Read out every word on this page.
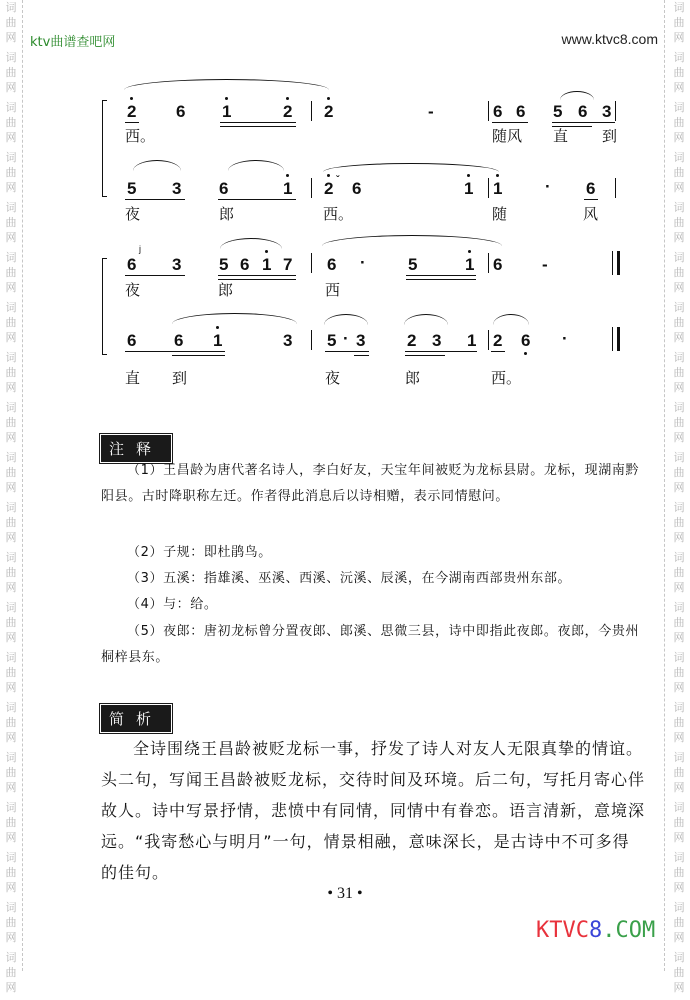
词
曲
网
词
曲
网
词
曲
网
词
曲
网
词
曲
网
词
曲
网
词
曲
网
词
曲
网
词
曲
网
词
曲
网
词
曲
网
词
曲
网
词
曲
网
词
曲
网
词
曲
网
词
曲
网
词
曲
网
词
曲
网
词
曲
网
词
曲
网
词
曲
网
词
曲
网
词
曲
网
词
曲
网
词
曲
网
词
曲
网
词
曲
网
词
曲
网
词
曲
网
词
曲
网
词
曲
网
词
曲
网
词
曲
网
词
曲
网
词
曲
网
词
曲
网
词
曲
网
词
曲
网
词
曲
网
词
曲
网
ktv曲谱查吧网	www.ktvc8.com
2 6 1	2 2	-	6 6 5 6 3
西。	随风 直 到
5 3 6	1 2 ˇ 6	1 1	· 6
夜	郎	西。	随	风
6
j
3 5 6 1 7 6 · 5	1 6 -
夜	郎	西
6 6 1	3 5 · 3 2 3 1 2 6 ·
直 到	夜	郎	西。
注释
（1）王昌龄为唐代著名诗人，李白好友，天宝年间被贬为龙标县尉。龙标，现湖南黔阳县。古时降职称左迁。作者得此消息后以诗相赠，表示同情慰问。
（2）子规：即杜鹃鸟。
（3）五溪：指雄溪、巫溪、西溪、沅溪、辰溪，在今湖南西部贵州东部。
（4）与：给。
（5）夜郎：唐初龙标曾分置夜郎、郎溪、思微三县，诗中即指此夜郎。夜郎，今贵州桐梓县东。
简析
全诗围绕王昌龄被贬龙标一事，抒发了诗人对友人无限真挚的情谊。头二句，写闻王昌龄被贬龙标，交待时间及环境。后二句，写托月寄心伴故人。诗中写景抒情，悲愤中有同情，同情中有眷恋。语言清新，意境深远。“我寄愁心与明月”一句，情景相融，意味深长，是古诗中不可多得的佳句。
• 31 •
KTVC8.COM
